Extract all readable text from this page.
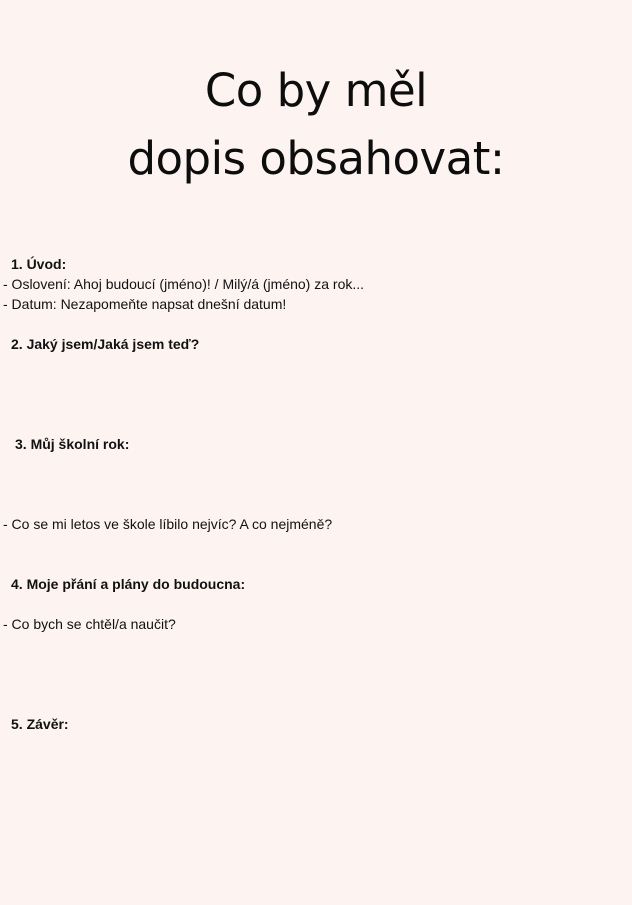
Co by měl
dopis obsahovat:
1. Úvod:
- Oslovení: Ahoj budoucí (jméno)! / Milý/á (jméno) za rok...
- Datum: Nezapomeňte napsat dnešní datum!
2. Jaký jsem/Jaká jsem teď?
3. Můj školní rok:
- Co se mi letos ve škole líbilo nejvíc? A co nejméně?
4. Moje přání a plány do budoucna:
- Co bych se chtěl/a naučit?
5. Závěr:
